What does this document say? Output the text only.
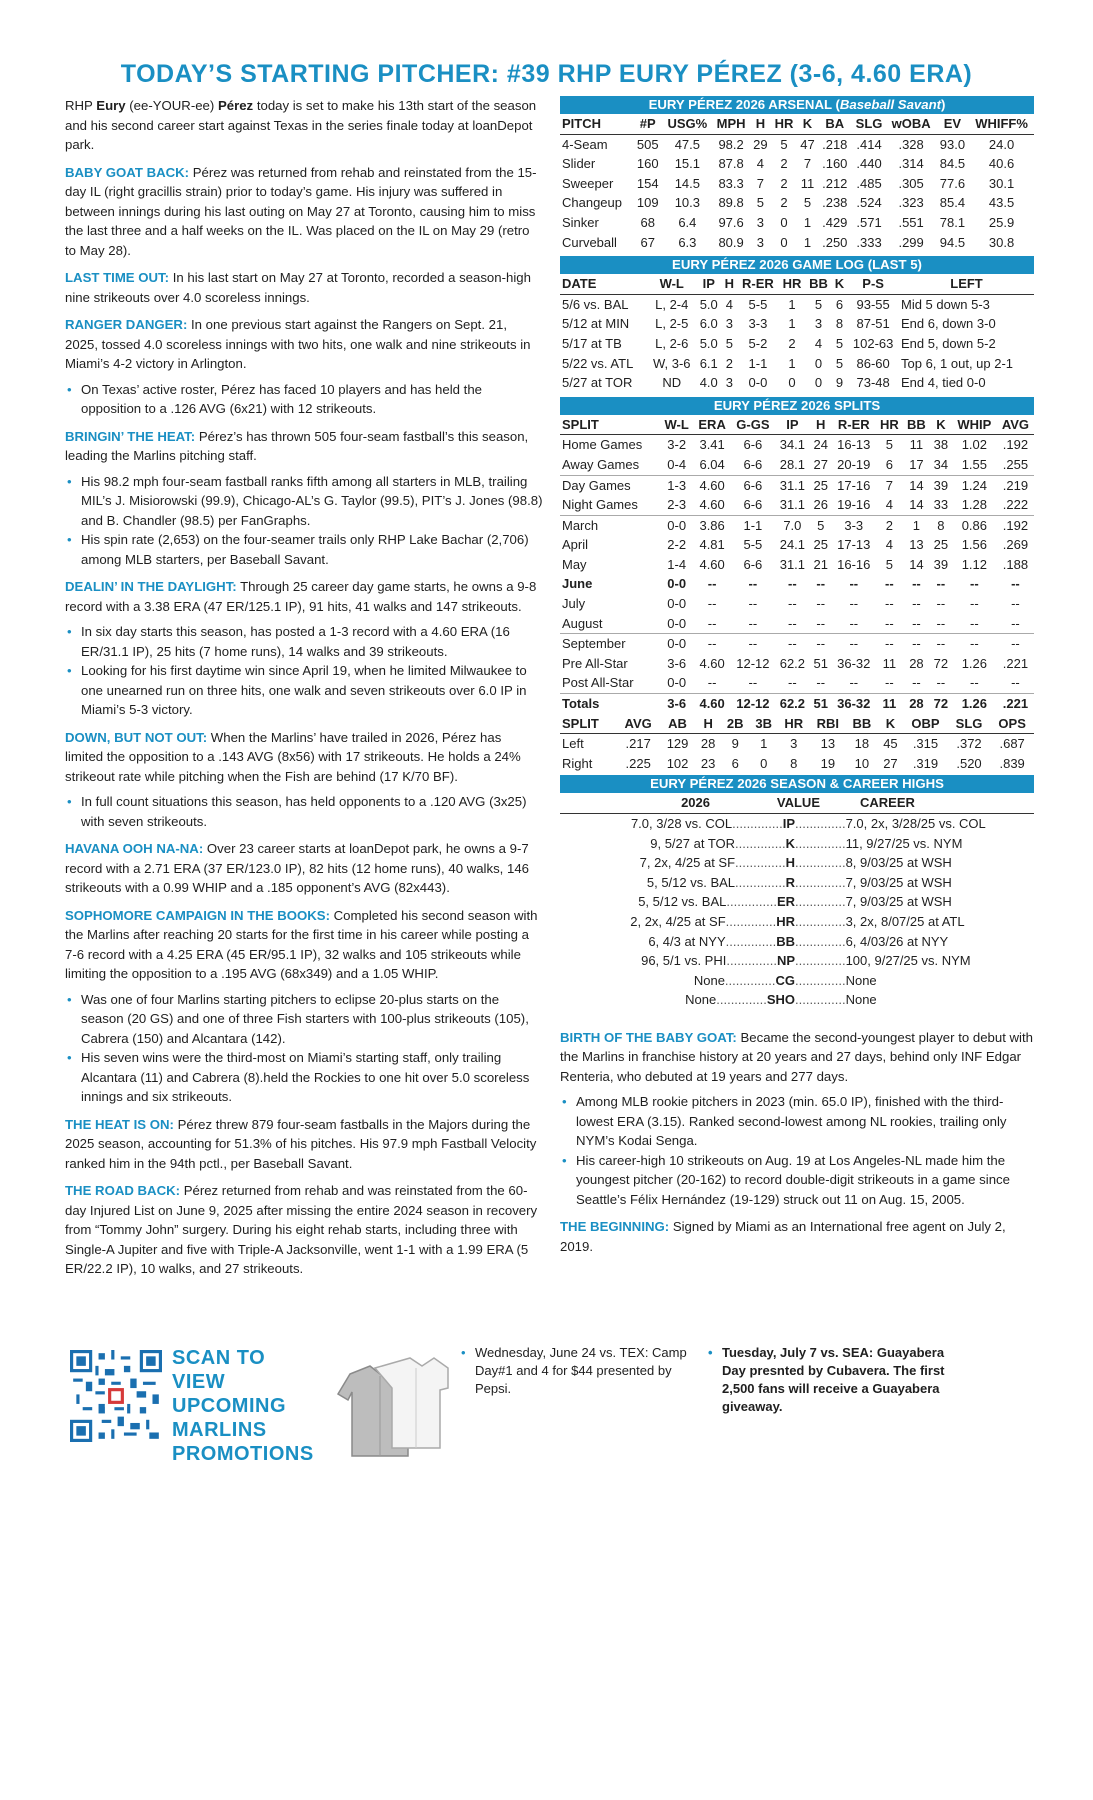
TODAY’S STARTING PITCHER: #39 RHP EURY PÉREZ (3-6, 4.60 ERA)

RHP Eury (ee-YOUR-ee) Pérez today is set to make his 13th start of the season and his second career start against Texas in the series finale today at loanDepot park.

BABY GOAT BACK: Pérez was returned from rehab and reinstated from the 15-day IL (right gracillis strain) prior to today’s game. His injury was suffered in between innings during his last outing on May 27 at Toronto, causing him to miss the last three and a half weeks on the IL. Was placed on the IL on May 29 (retro to May 28).

LAST TIME OUT: In his last start on May 27 at Toronto, recorded a season-high nine strikeouts over 4.0 scoreless innings.

RANGER DANGER: In one previous start against the Rangers on Sept. 21, 2025, tossed 4.0 scoreless innings with two hits, one walk and nine strikeouts in Miami’s 4-2 victory in Arlington.

• On Texas’ active roster, Pérez has faced 10 players and has held the opposition to a .126 AVG (6x21) with 12 strikeouts.

BRINGIN’ THE HEAT: Pérez’s has thrown 505 four-seam fastball’s this season, leading the Marlins pitching staff.

• His 98.2 mph four-seam fastball ranks fifth among all starters in MLB, trailing MIL’s J. Misiorowski (99.9), Chicago-AL’s G. Taylor (99.5), PIT’s J. Jones (98.8) and B. Chandler (98.5) per FanGraphs.
• His spin rate (2,653) on the four-seamer trails only RHP Lake Bachar (2,706) among MLB starters, per Baseball Savant.

DEALIN’ IN THE DAYLIGHT: Through 25 career day game starts, he owns a 9-8 record with a 3.38 ERA (47 ER/125.1 IP), 91 hits, 41 walks and 147 strikeouts.

• In six day starts this season, has posted a 1-3 record with a 4.60 ERA (16 ER/31.1 IP), 25 hits (7 home runs), 14 walks and 39 strikeouts.
• Looking for his first daytime win since April 19, when he limited Milwaukee to one unearned run on three hits, one walk and seven strikeouts over 6.0 IP in Miami’s 5-3 victory.

DOWN, BUT NOT OUT: When the Marlins’ have trailed in 2026, Pérez has limited the opposition to a .143 AVG (8x56) with 17 strikeouts. He holds a 24% strikeout rate while pitching when the Fish are behind (17 K/70 BF).

• In full count situations this season, has held opponents to a .120 AVG (3x25) with seven strikeouts.

HAVANA OOH NA-NA: Over 23 career starts at loanDepot park, he owns a 9-7 record with a 2.71 ERA (37 ER/123.0 IP), 82 hits (12 home runs), 40 walks, 146 strikeouts with a 0.99 WHIP and a .185 opponent’s AVG (82x443).

SOPHOMORE CAMPAIGN IN THE BOOKS: Completed his second season with the Marlins after reaching 20 starts for the first time in his career while posting a 7-6 record with a 4.25 ERA (45 ER/95.1 IP), 32 walks and 105 strikeouts while limiting the opposition to a .195 AVG (68x349) and a 1.05 WHIP.

• Was one of four Marlins starting pitchers to eclipse 20-plus starts on the season (20 GS) and one of three Fish starters with 100-plus strikeouts (105), Cabrera (150) and Alcantara (142).
• His seven wins were the third-most on Miami’s starting staff, only trailing Alcantara (11) and Cabrera (8).held the Rockies to one hit over 5.0 scoreless innings and six strikeouts.

THE HEAT IS ON: Pérez threw 879 four-seam fastballs in the Majors during the 2025 season, accounting for 51.3% of his pitches. His 97.9 mph Fastball Velocity ranked him in the 94th pctl., per Baseball Savant.

THE ROAD BACK: Pérez returned from rehab and was reinstated from the 60-day Injured List on June 9, 2025 after missing the entire 2024 season in recovery from “Tommy John” surgery. During his eight rehab starts, including three with Single-A Jupiter and five with Triple-A Jacksonville, went 1-1 with a 1.99 ERA (5 ER/22.2 IP), 10 walks, and 27 strikeouts.

EURY PÉREZ 2026 ARSENAL (Baseball Savant)
PITCH	#P	USG%	MPH	H	HR	K	BA	SLG	wOBA	EV	WHIFF%
4-Seam	505	47.5	98.2	29	5	47	.218	.414	.328	93.0	24.0
Slider	160	15.1	87.8	4	2	7	.160	.440	.314	84.5	40.6
Sweeper	154	14.5	83.3	7	2	11	.212	.485	.305	77.6	30.1
Changeup	109	10.3	89.8	5	2	5	.238	.524	.323	85.4	43.5
Sinker	68	6.4	97.6	3	0	1	.429	.571	.551	78.1	25.9
Curveball	67	6.3	80.9	3	0	1	.250	.333	.299	94.5	30.8
EURY PÉREZ 2026 GAME LOG (LAST 5)
DATE	W-L	IP	H	R-ER	HR	BB	K	P-S	LEFT
5/6 vs. BAL	L, 2-4	5.0	4	5-5	1	5	6	93-55	Mid 5 down 5-3
5/12 at MIN	L, 2-5	6.0	3	3-3	1	3	8	87-51	End 6, down 3-0
5/17 at TB	L, 2-6	5.0	5	5-2	2	4	5	102-63	End 5, down 5-2
5/22 vs. ATL	W, 3-6	6.1	2	1-1	1	0	5	86-60	Top 6, 1 out, up 2-1
5/27 at TOR	ND	4.0	3	0-0	0	0	9	73-48	End 4, tied 0-0
EURY PÉREZ 2026 SPLITS
SPLIT	W-L	ERA	G-GS	IP	H	R-ER	HR	BB	K	WHIP	AVG
Home Games	3-2	3.41	6-6	34.1	24	16-13	5	11	38	1.02	.192
Away Games	0-4	6.04	6-6	28.1	27	20-19	6	17	34	1.55	.255
Day Games	1-3	4.60	6-6	31.1	25	17-16	7	14	39	1.24	.219
Night Games	2-3	4.60	6-6	31.1	26	19-16	4	14	33	1.28	.222
March	0-0	3.86	1-1	7.0	5	3-3	2	1	8	0.86	.192
April	2-2	4.81	5-5	24.1	25	17-13	4	13	25	1.56	.269
May	1-4	4.60	6-6	31.1	21	16-16	5	14	39	1.12	.188
June	0-0	--	--	--	--	--	--	--	--	--	--
July	0-0	--	--	--	--	--	--	--	--	--	--
August	0-0	--	--	--	--	--	--	--	--	--	--
September	0-0	--	--	--	--	--	--	--	--	--	--
Pre All-Star	3-6	4.60	12-12	62.2	51	36-32	11	28	72	1.26	.221
Post All-Star	0-0	--	--	--	--	--	--	--	--	--	--
Totals	3-6	4.60	12-12	62.2	51	36-32	11	28	72	1.26	.221
SPLIT	AVG	AB	H	2B	3B	HR	RBI	BB	K	OBP	SLG	OPS
Left	.217	129	28	9	1	3	13	18	45	.315	.372	.687
Right	.225	102	23	6	0	8	19	10	27	.319	.520	.839
EURY PÉREZ 2026 SEASON & CAREER HIGHS
2026	VALUE	CAREER
7.0, 3/28 vs. COL .............. IP .............. 7.0, 2x, 3/28/25 vs. COL
9, 5/27 at TOR .............. K .............. 11, 9/27/25 vs. NYM
7, 2x, 4/25 at SF .............. H .............. 8, 9/03/25 at WSH
5, 5/12 vs. BAL .............. R .............. 7, 9/03/25 at WSH
5, 5/12 vs. BAL .............. ER .............. 7, 9/03/25 at WSH
2, 2x, 4/25 at SF .............. HR .............. 3, 2x, 8/07/25 at ATL
6, 4/3 at NYY .............. BB .............. 6, 4/03/26 at NYY
96, 5/1 vs. PHI .............. NP .............. 100, 9/27/25 vs. NYM
None .............. CG .............. None
None .............. SHO .............. None

BIRTH OF THE BABY GOAT: Became the second-youngest player to debut with the Marlins in franchise history at 20 years and 27 days, behind only INF Edgar Renteria, who debuted at 19 years and 277 days.

• Among MLB rookie pitchers in 2023 (min. 65.0 IP), finished with the third-lowest ERA (3.15). Ranked second-lowest among NL rookies, trailing only NYM’s Kodai Senga.
• His career-high 10 strikeouts on Aug. 19 at Los Angeles-NL made him the youngest pitcher (20-162) to record double-digit strikeouts in a game since Seattle’s Félix Hernández (19-129) struck out 11 on Aug. 15, 2005.

THE BEGINNING: Signed by Miami as an International free agent on July 2, 2019.

SCAN TO VIEW UPCOMING MARLINS PROMOTIONS
• Wednesday, June 24 vs. TEX: Camp Day#1 and 4 for $44 presented by Pepsi.
• Tuesday, July 7 vs. SEA: Guayabera Day presnted by Cubavera. The first 2,500 fans will receive a Guayabera giveaway.
